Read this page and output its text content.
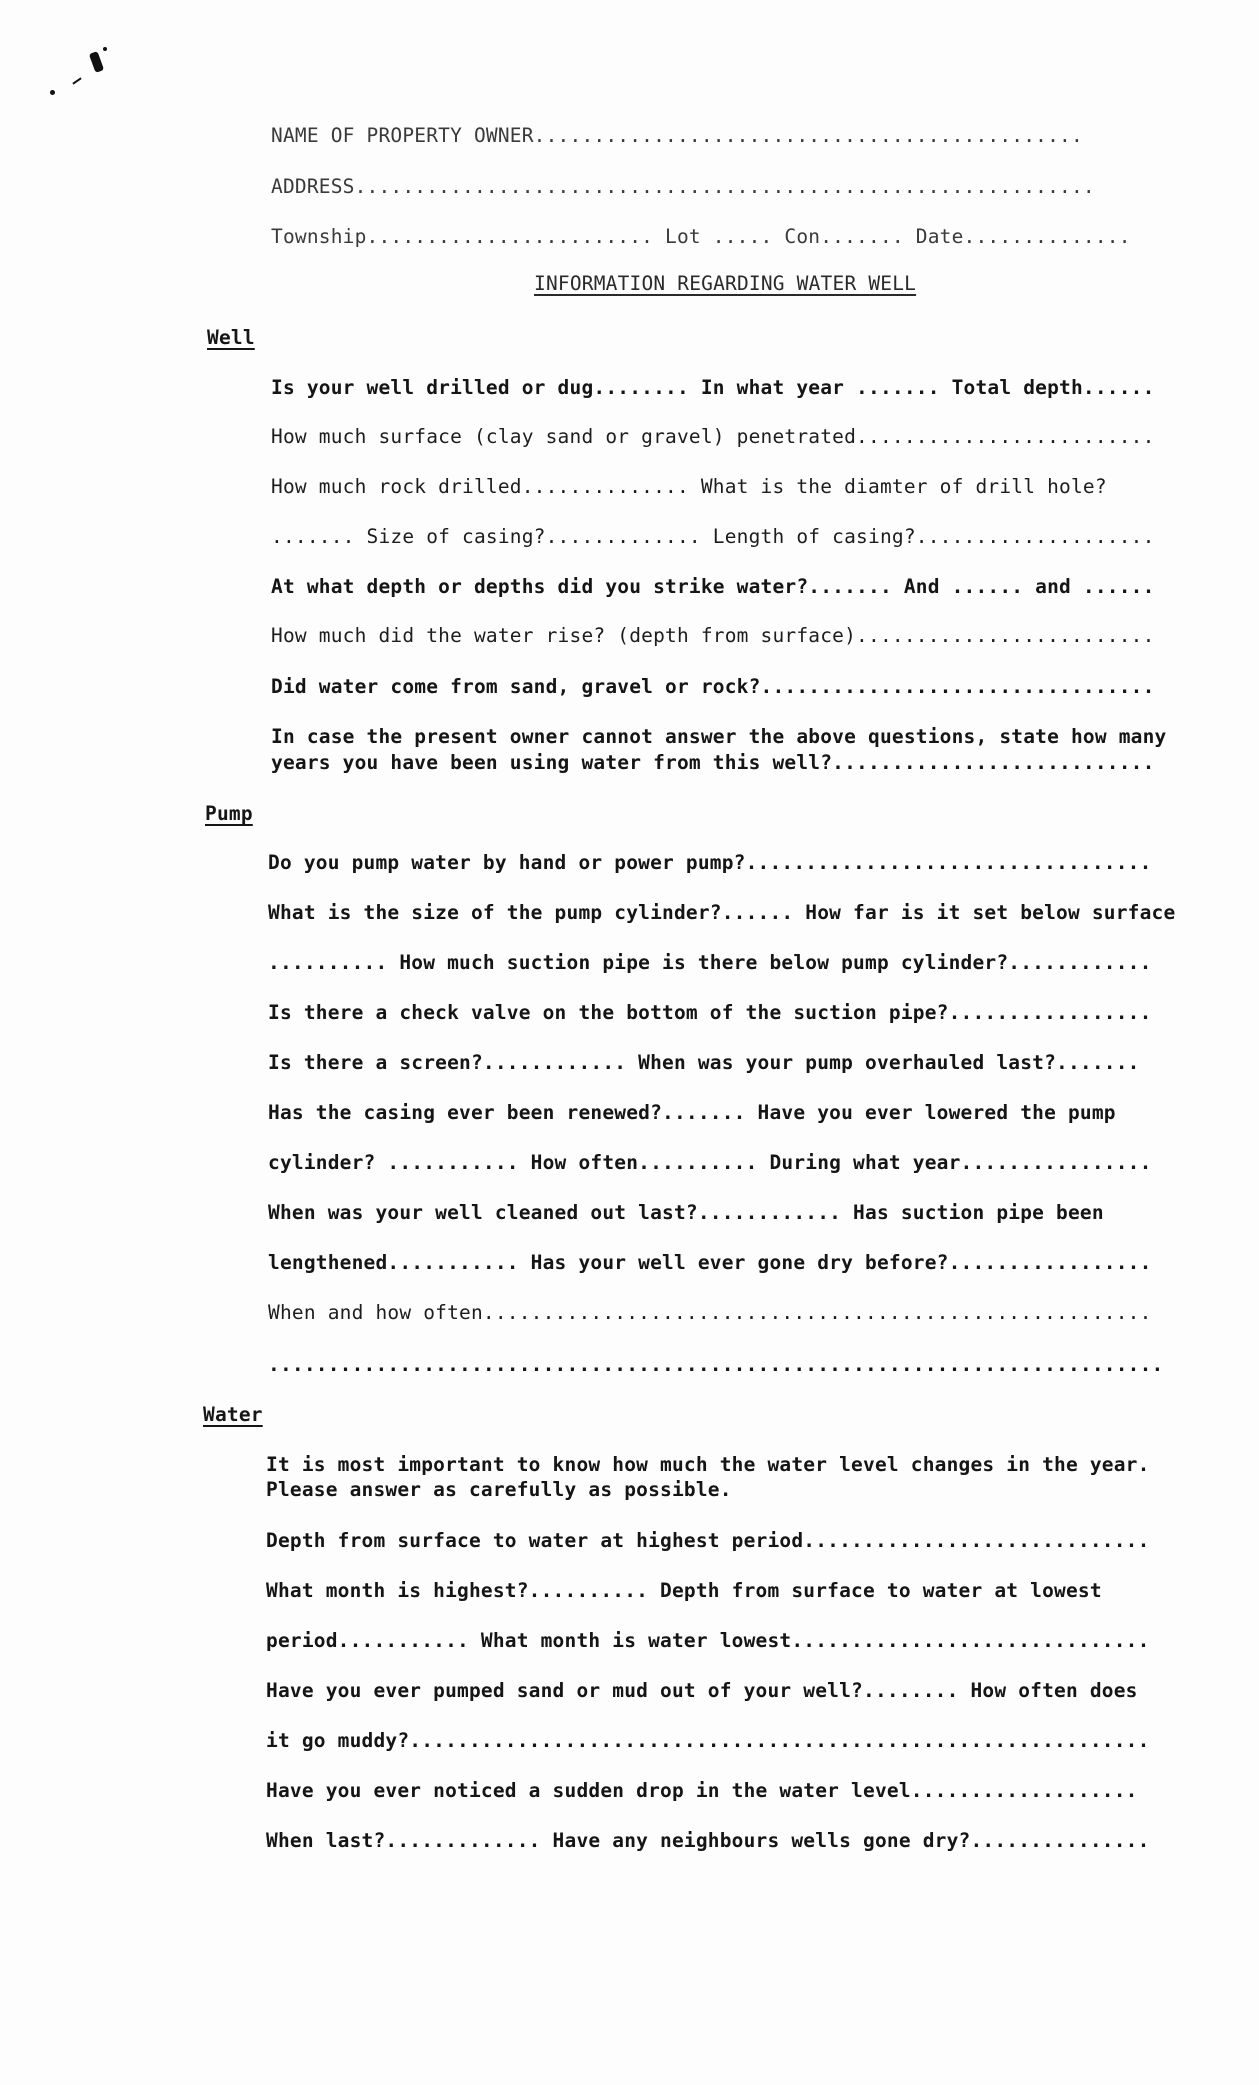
NAME OF PROPERTY OWNER..............................................
ADDRESS..............................................................
Township........................ Lot ..... Con....... Date..............
INFORMATION REGARDING WATER WELL
Well
Is your well drilled or dug........ In what year ....... Total depth......
How much surface (clay sand or gravel) penetrated.........................
How much rock drilled.............. What is the diamter of drill hole?
....... Size of casing?............. Length of casing?....................
At what depth or depths did you strike water?....... And ...... and ......
How much did the water rise? (depth from surface).........................
Did water come from sand, gravel or rock?.................................
In case the present owner cannot answer the above questions, state how many
years you have been using water from this well?...........................
Pump
Do you pump water by hand or power pump?..................................
What is the size of the pump cylinder?...... How far is it set below surface
.......... How much suction pipe is there below pump cylinder?............
Is there a check valve on the bottom of the suction pipe?.................
Is there a screen?............ When was your pump overhauled last?.......
Has the casing ever been renewed?....... Have you ever lowered the pump
cylinder? ........... How often.......... During what year................
When was your well cleaned out last?............ Has suction pipe been
lengthened........... Has your well ever gone dry before?.................
When and how often........................................................
...........................................................................
Water
It is most important to know how much the water level changes in the year.
Please answer as carefully as possible.
Depth from surface to water at highest period.............................
What month is highest?.......... Depth from surface to water at lowest
period........... What month is water lowest..............................
Have you ever pumped sand or mud out of your well?........ How often does
it go muddy?..............................................................
Have you ever noticed a sudden drop in the water level...................
When last?............. Have any neighbours wells gone dry?...............
